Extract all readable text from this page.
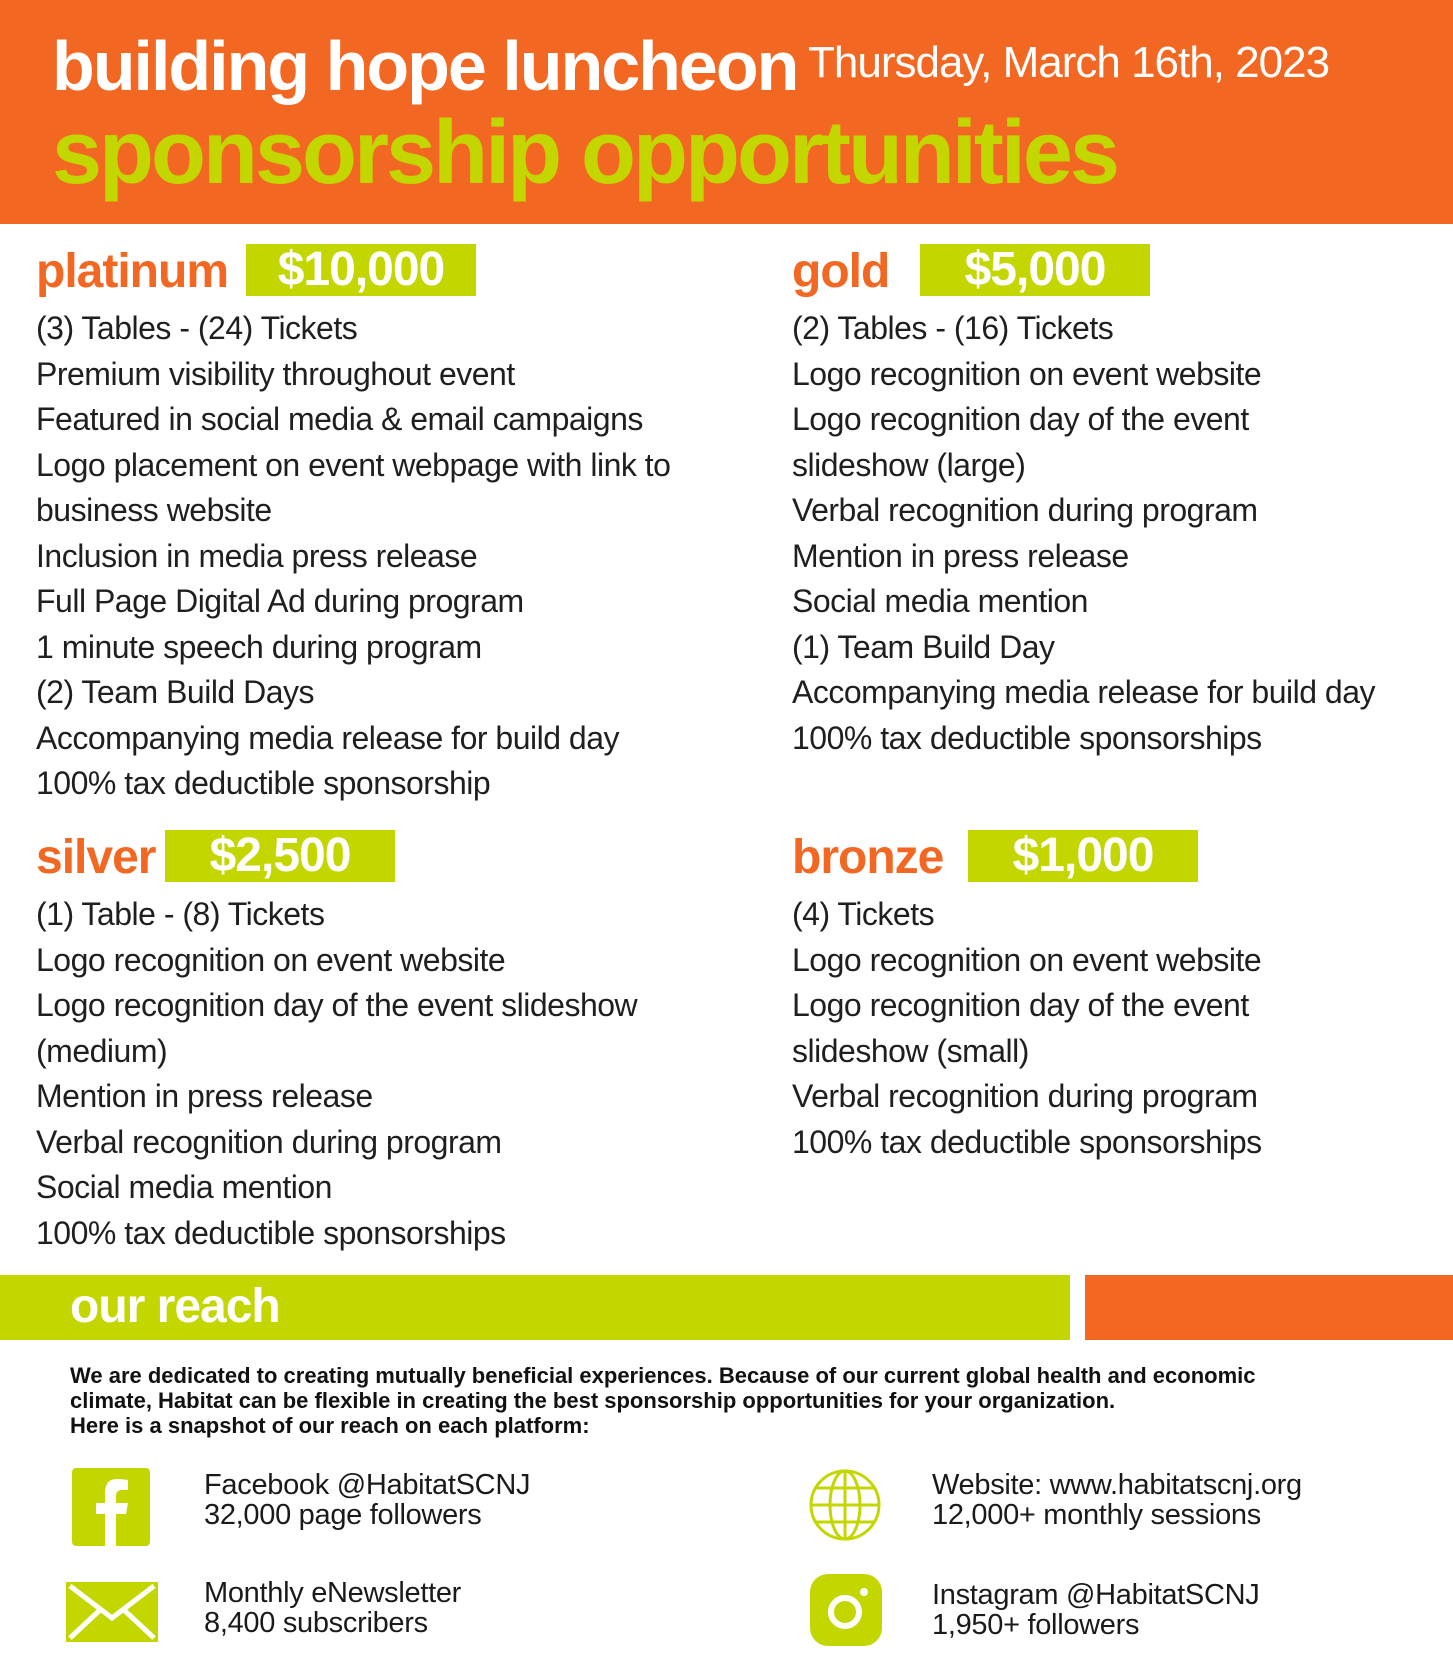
building hope luncheon Thursday, March 16th, 2023
sponsorship opportunities
platinum	$10,000
(3) Tables - (24) Tickets
Premium visibility throughout event
Featured in social media & email campaigns
Logo placement on event webpage with link to
business website
Inclusion in media press release
Full Page Digital Ad during program
1 minute speech during program
(2) Team Build Days
Accompanying media release for build day
100% tax deductible sponsorship
gold	$5,000
(2) Tables - (16) Tickets
Logo recognition on event website
Logo recognition day of the event
slideshow (large)
Verbal recognition during program
Mention in press release
Social media mention
(1) Team Build Day
Accompanying media release for build day
100% tax deductible sponsorships
silver	$2,500
(1) Table - (8) Tickets
Logo recognition on event website
Logo recognition day of the event slideshow
(medium)
Mention in press release
Verbal recognition during program
Social media mention
100% tax deductible sponsorships
bronze	$1,000
(4) Tickets
Logo recognition on event website
Logo recognition day of the event
slideshow (small)
Verbal recognition during program
100% tax deductible sponsorships
our reach

We are dedicated to creating mutually beneficial experiences. Because of our current global health and economic

climate, Habitat can be flexible in creating the best sponsorship opportunities for your organization.

Here is a snapshot of our reach on each platform:

Facebook @HabitatSCNJ
32,000 page followers
Website: www.habitatscnj.org
12,000+ monthly sessions
Monthly eNewsletter
8,400 subscribers
Instagram @HabitatSCNJ
1,950+ followers
